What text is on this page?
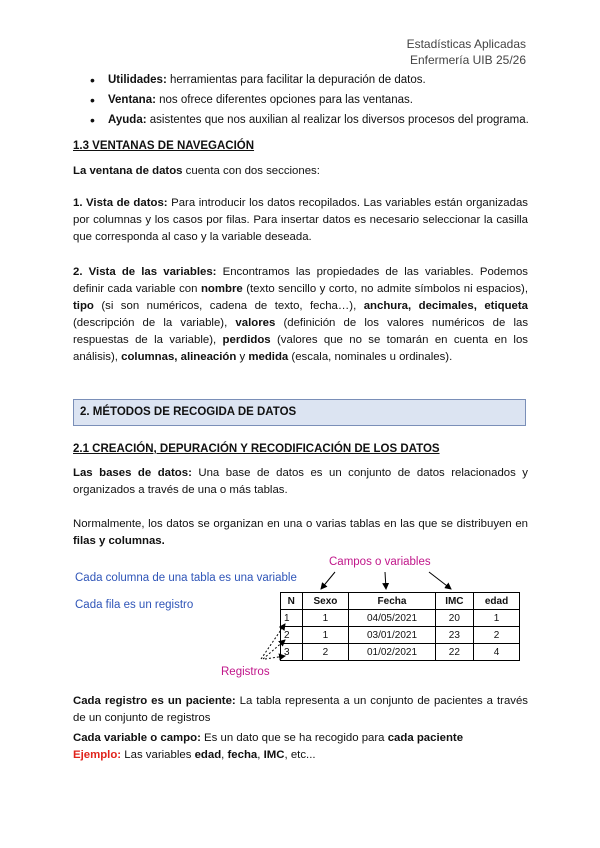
Estadísticas Aplicadas
Enfermería UIB 25/26
• Utilidades: herramientas para facilitar la depuración de datos.
• Ventana: nos ofrece diferentes opciones para las ventanas.
• Ayuda: asistentes que nos auxilian al realizar los diversos procesos del programa.
1.3 VENTANAS DE NAVEGACIÓN
La ventana de datos cuenta con dos secciones:

1. Vista de datos: Para introducir los datos recopilados. Las variables están organizadas por columnas y los casos por filas. Para insertar datos es necesario seleccionar la casilla que corresponda al caso y la variable deseada.

2. Vista de las variables: Encontramos las propiedades de las variables. Podemos definir cada variable con nombre (texto sencillo y corto, no admite símbolos ni espacios), tipo (si son numéricos, cadena de texto, fecha…), anchura, decimales, etiqueta (descripción de la variable), valores (definición de los valores numéricos de las respuestas de la variable), perdidos (valores que no se tomarán en cuenta en los análisis), columnas, alineación y medida (escala, nominales u ordinales).

2. MÉTODOS DE RECOGIDA DE DATOS
2.1 CREACIÓN, DEPURACIÓN Y RECODIFICACIÓN DE LOS DATOS

Las bases de datos: Una base de datos es un conjunto de datos relacionados y organizados a través de una o más tablas.

Normalmente, los datos se organizan en una o varias tablas en las que se distribuyen en filas y columnas.

Campos o variables
Cada columna de una tabla es una variable
Cada fila es un registro
Registros
N	Sexo	Fecha	IMC	edad
1	1	04/05/2021	20	1
2	1	03/01/2021	23	2
3	2	01/02/2021	22	4

Cada registro es un paciente: La tabla representa a un conjunto de pacientes a través de un conjunto de registros

Cada variable o campo: Es un dato que se ha recogido para cada paciente
Ejemplo: Las variables edad, fecha, IMC, etc...
